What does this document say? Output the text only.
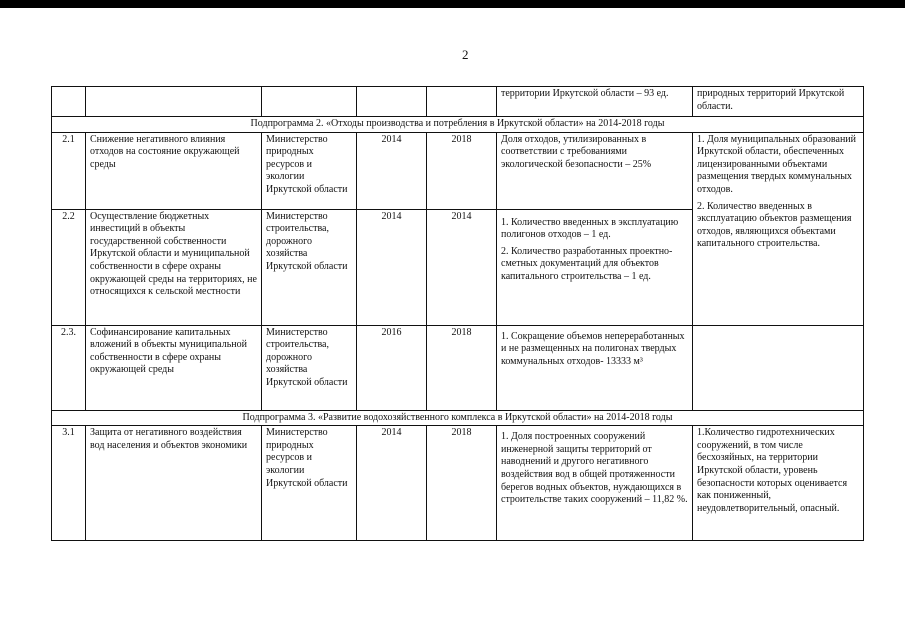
2
					территории Иркутской области – 93 ед.	природных территорий Иркутской области.
Подпрограмма 2. «Отходы производства и потребления в Иркутской области» на 2014-2018 годы						
2.1	Снижение негативного влияния отходов на состояние окружающей среды	Министерство природных ресурсов и экологии Иркутской области	2014	2018	Доля отходов, утилизированных в соответствии с требованиями экологической безопасности – 25%	1. Доля муниципальных образований Иркутской области, обеспеченных лицензированными объектами размещения твердых коммунальных отходов.

2. Количество введенных в эксплуатацию объектов размещения отходов, являющихся объектами капитального строительства.

2.2	Осуществление бюджетных инвестиций в объекты государственной собственности Иркутской области и муниципальной собственности в сфере охраны окружающей среды на территориях, не относящихся к сельской местности	Министерство строительства, дорожного хозяйства Иркутской области	2014	2014	1. Количество введенных в эксплуатацию полигонов отходов – 1 ед.

2. Количество разработанных проектно-сметных документаций для объектов капитального строительства – 1 ед.	

2.3.	Софинансирование капитальных вложений в объекты муниципальной собственности в сфере охраны окружающей среды	Министерство строительства, дорожного хозяйства Иркутской области	2016	2018	1. Сокращение объемов непереработанных и не размещенных на полигонах твердых коммунальных отходов- 13333 м³	

Подпрограмма 3. «Развитие водохозяйственного комплекса в Иркутской области» на 2014-2018 годы						
3.1	Защита от негативного воздействия вод населения и объектов экономики	Министерство природных ресурсов и экологии Иркутской области	2014	2018	1. Доля построенных сооружений инженерной защиты территорий от наводнений и другого негативного воздействия вод в общей протяженности берегов водных объектов, нуждающихся в строительстве таких сооружений – 11,82 %.	1.Количество гидротехнических сооружений, в том числе бесхозяйных, на территории Иркутской области, уровень безопасности которых оценивается как пониженный, неудовлетворительный, опасный.
